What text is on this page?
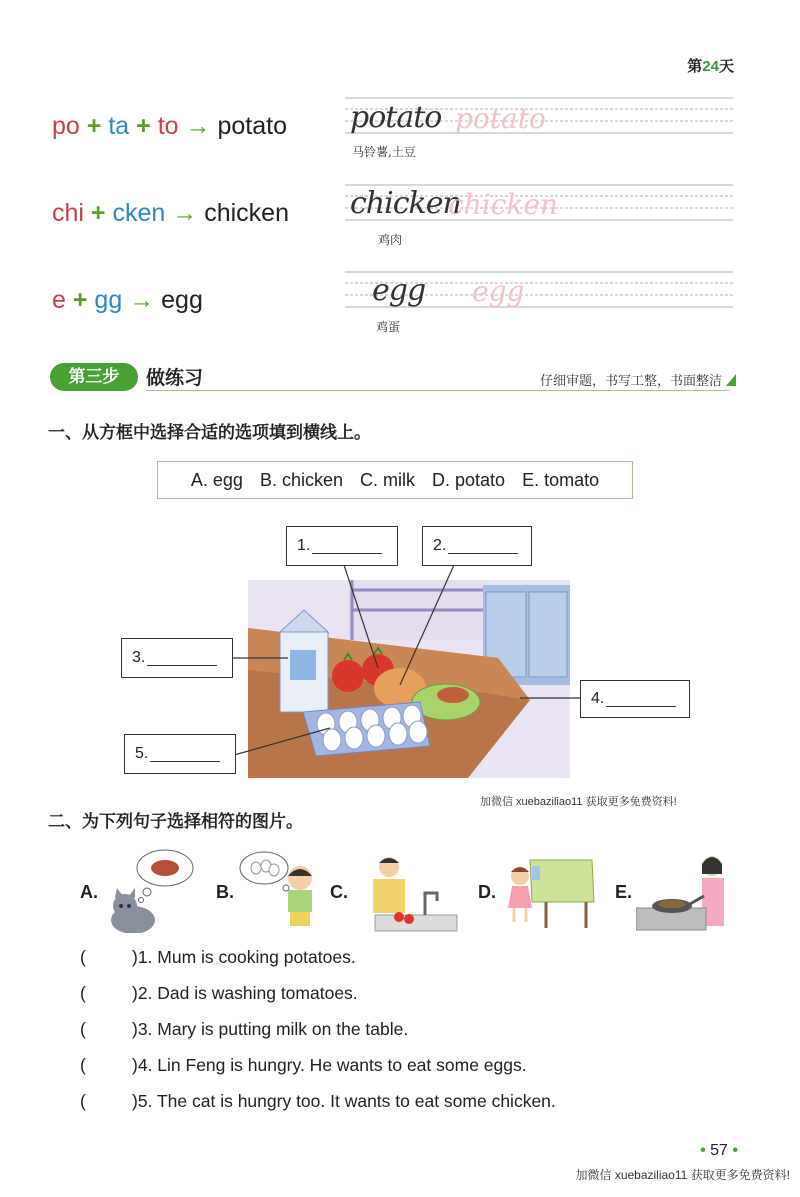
第24天
po + ta + to → potato potato potato
马铃薯,土豆
chi + cken → chicken chicken
chicken
鸡肉
e + gg → egg	egg egg
鸡蛋
第三步	做练习	仔细审题，书写工整，书面整洁
一、从方框中选择合适的选项填到横线上。
A. egg B. chicken C. milk D. potato E. tomato
1.	2.
3.
4.
5.
加微信 xuebaziliao11 获取更多免费资料!
二、为下列句子选择相符的图片。
A.	B.	C.	D.	E.
(	)1. Mum is cooking potatoes.
(	)2. Dad is washing tomatoes.
(	)3. Mary is putting milk on the table.
(	)4. Lin Feng is hungry. He wants to eat some eggs.
(	)5. The cat is hungry too. It wants to eat some chicken.
• 57 •
加微信 xuebaziliao11 获取更多免费资料!
